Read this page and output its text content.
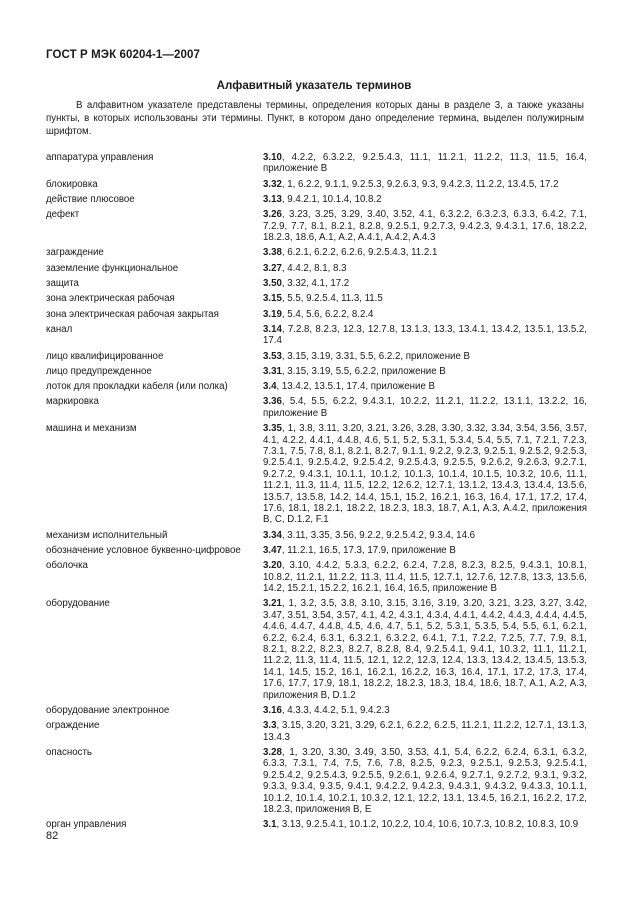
ГОСТ Р МЭК 60204-1—2007
Алфавитный указатель терминов

В алфавитном указателе представлены термины, определения которых даны в разделе 3, а также указаны пункты, в которых использованы эти термины. Пункт, в котором дано определение термина, выделен полужирным шрифтом.

аппаратура управления	3.10, 4.2.2, 6.3.2.2, 9.2.5.4.3, 11.1, 11.2.1, 11.2.2, 11.3, 11.5, 16.4, приложение В
блокировка	3.32, 1, 6.2.2, 9.1.1, 9.2.5.3, 9.2.6.3, 9.3, 9.4.2.3, 11.2.2, 13.4.5, 17.2
действие плюсовое	3.13, 9.4.2.1, 10.1.4, 10.8.2
дефект	3.26, 3.23, 3.25, 3.29, 3.40, 3.52, 4.1, 6.3.2.2, 6.3.2.3, 6.3.3, 6.4.2, 7.1, 7.2.9, 7.7, 8.1, 8.2.1, 8.2.8, 9.2.5.1, 9.2.7.3, 9.4.2.3, 9.4.3.1, 17.6, 18.2.2, 18.2.3, 18.6, A.1, A.2, A.4.1, A.4.2, A.4.3
заграждение	3.38, 6.2.1, 6.2.2, 6.2.6, 9.2.5.4.3, 11.2.1
заземление функциональное	3.27, 4.4.2, 8.1, 8.3
защита	3.50, 3.32, 4.1, 17.2
зона электрическая рабочая	3.15, 5.5, 9.2.5.4, 11.3, 11.5
зона электрическая рабочая закрытая	3.19, 5.4, 5.6, 6.2.2, 8.2.4
канал	3.14, 7.2.8, 8.2.3, 12.3, 12.7.8, 13.1.3, 13.3, 13.4.1, 13.4.2, 13.5.1, 13.5.2, 17.4
лицо квалифицированное	3.53, 3.15, 3.19, 3.31, 5.5, 6.2.2, приложение В
лицо предупрежденное	3.31, 3.15, 3.19, 5.5, 6.2.2, приложение В
лоток для прокладки кабеля (или полка)	3.4, 13.4.2, 13.5.1, 17.4, приложение В
маркировка	3.36, 5.4, 5.5, 6.2.2, 9.4.3.1, 10.2.2, 11.2.1, 11.2.2, 13.1.1, 13.2.2, 16, приложение В
машина и механизм	3.35, 1, 3.8, 3.11, 3.20, 3.21, 3.26, 3.28, 3.30, 3.32, 3.34, 3.54, 3.56, 3.57, 4.1, 4.2.2, 4.4.1, 4.4.8, 4.6, 5.1, 5.2, 5.3.1, 5.3.4, 5.4, 5.5, 7.1, 7.2.1, 7.2.3, 7.3.1, 7.5, 7.8, 8.1, 8.2.1, 8.2.7, 9.1.1, 9.2.2, 9.2.3, 9.2.5.1, 9.2.5.2, 9.2.5.3, 9.2.5.4.1, 9.2.5.4.2, 9.2.5.4.2, 9.2.5.4.3, 9.2.5.5, 9.2.6.2, 9.2.6.3, 9.2.7.1, 9.2.7.2, 9.4.3.1, 10.1.1, 10.1.2, 10.1.3, 10.1.4, 10.1.5, 10.3.2, 10.6, 11.1, 11.2.1, 11.3, 11.4, 11.5, 12.2, 12.6.2, 12.7.1, 13.1.2, 13.4.3, 13.4.4, 13.5.6, 13.5.7, 13.5.8, 14.2, 14.4, 15.1, 15.2, 16.2.1, 16.3, 16.4, 17.1, 17.2, 17.4, 17.6, 18.1, 18.2.1, 18.2.2, 18.2.3, 18.3, 18.7, A.1, A.3, A.4.2, приложения В, С, D.1.2, F.1
механизм исполнительный	3.34, 3.11, 3.35, 3.56, 9.2.2, 9.2.5.4.2, 9.3.4, 14.6
обозначение условное буквенно-цифровое	3.47, 11.2.1, 16.5, 17.3, 17.9, приложение В
оболочка	3.20, 3.10, 4.4.2, 5.3.3, 6.2.2, 6.2.4, 7.2.8, 8.2.3, 8.2.5, 9.4.3.1, 10.8.1, 10.8.2, 11.2.1, 11.2.2, 11.3, 11.4, 11.5, 12.7.1, 12.7.6, 12.7.8, 13.3, 13.5.6, 14.2, 15.2.1, 15.2.2, 16.2.1, 16.4, 16.5, приложение В
оборудование	3.21, 1, 3.2, 3.5, 3.8, 3.10, 3.15, 3.16, 3.19, 3.20, 3.21, 3.23, 3.27, 3.42, 3.47, 3.51, 3.54, 3.57, 4.1, 4.2, 4.3.1, 4.3.4, 4.4.1, 4.4.2, 4.4.3, 4.4.4, 4.4.5, 4.4.6, 4.4.7, 4.4.8, 4.5, 4.6, 4.7, 5.1, 5.2, 5.3.1, 5.3.5, 5.4, 5.5, 6.1, 6.2.1, 6.2.2, 6.2.4, 6.3.1, 6.3.2.1, 6.3.2.2, 6.4.1, 7.1, 7.2.2, 7.2.5, 7.7, 7.9, 8.1, 8.2.1, 8.2.2, 8.2.3, 8.2.7, 8.2.8, 8.4, 9.2.5.4.1, 9.4.1, 10.3.2, 11.1, 11.2.1, 11.2.2, 11.3, 11.4, 11.5, 12.1, 12.2, 12.3, 12.4, 13.3, 13.4.2, 13.4.5, 13.5.3, 14.1, 14.5, 15.2, 16.1, 16.2.1, 16.2.2, 16.3, 16.4, 17.1, 17.2, 17.3, 17.4, 17.6, 17.7, 17.9, 18.1, 18.2.2, 18.2.3, 18.3, 18.4, 18.6, 18.7, A.1, A.2, A.3, приложения В, D.1.2
оборудование электронное	3.16, 4.3.3, 4.4.2, 5.1, 9.4.2.3
ограждение	3.3, 3.15, 3.20, 3.21, 3.29, 6.2.1, 6.2.2, 6.2.5, 11.2.1, 11.2.2, 12.7.1, 13.1.3, 13.4.3
опасность	3.28, 1, 3.20, 3.30, 3.49, 3.50, 3.53, 4.1, 5.4, 6.2.2, 6.2.4, 6.3.1, 6.3.2, 6.3.3, 7.3.1, 7.4, 7.5, 7.6, 7.8, 8.2.5, 9.2.3, 9.2.5.1, 9.2.5.3, 9.2.5.4.1, 9.2.5.4.2, 9.2.5.4.3, 9.2.5.5, 9.2.6.1, 9.2.6.4, 9.2.7.1, 9.2.7.2, 9.3.1, 9.3.2, 9.3.3, 9.3.4, 9.3.5, 9.4.1, 9.4.2.2, 9.4.2.3, 9.4.3.1, 9.4.3.2, 9.4.3.3, 10.1.1, 10.1.2, 10.1.4, 10.2.1, 10.3.2, 12.1, 12.2, 13.1, 13.4.5, 16.2.1, 16.2.2, 17.2, 18.2.3, приложения В, Е
орган управления	3.1, 3.13, 9.2.5.4.1, 10.1.2, 10.2.2, 10.4, 10.6, 10.7.3, 10.8.2, 10.8.3, 10.9
82
